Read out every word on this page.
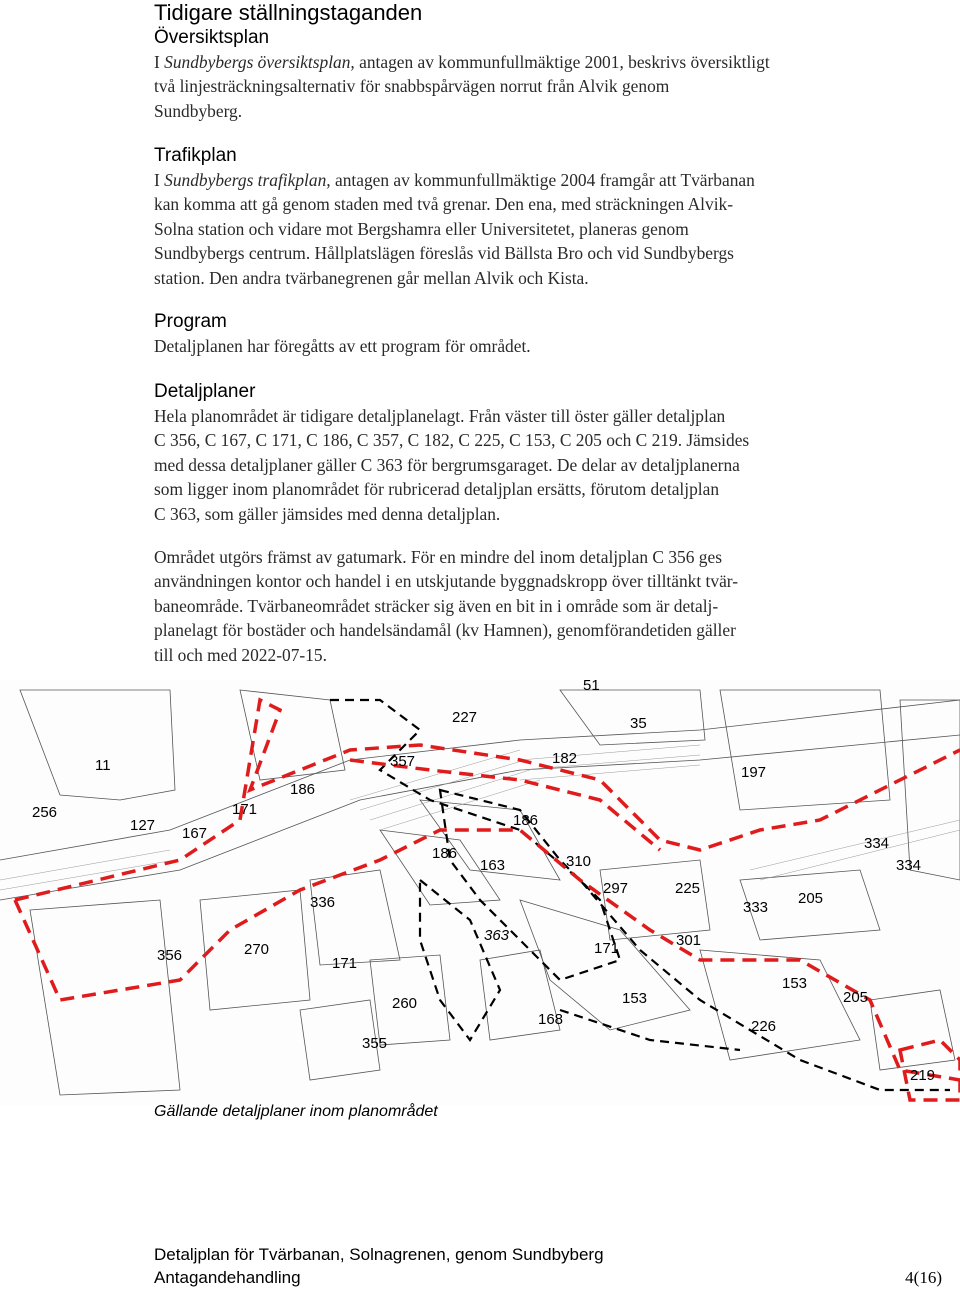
Tidigare ställningstaganden
Översiktsplan
I Sundbybergs översiktsplan, antagen av kommunfullmäktige 2001, beskrivs översiktligt
två linjesträckningsalternativ för snabbspårvägen norrut från Alvik genom
Sundbyberg.
Trafikplan
I Sundbybergs trafikplan, antagen av kommunfullmäktige 2004 framgår att Tvärbanan
kan komma att gå genom staden med två grenar. Den ena, med sträckningen Alvik-
Solna station och vidare mot Bergshamra eller Universitetet, planeras genom
Sundbybergs centrum. Hållplatslägen föreslås vid Bällsta Bro och vid Sundbybergs
station. Den andra tvärbanegrenen går mellan Alvik och Kista.
Program
Detaljplanen har föregåtts av ett program för området.
Detaljplaner
Hela planområdet är tidigare detaljplanelagt. Från väster till öster gäller detaljplan
C 356, C 167, C 171, C 186, C 357, C 182, C 225, C 153, C 205 och C 219. Jämsides
med dessa detaljplaner gäller C 363 för bergrumsgaraget. De delar av detaljplanerna
som ligger inom planområdet för rubricerad detaljplan ersätts, förutom detaljplan
C 363, som gäller jämsides med denna detaljplan.
Området utgörs främst av gatumark. För en mindre del inom detaljplan C 356 ges
användningen kontor och handel i en utskjutande byggnadskropp över tilltänkt tvär-
baneområde. Tvärbaneområdet sträcker sig även en bit in i område som är detalj-
planelagt för bostäder och handelsändamål (kv Hamnen), genomförandetiden gäller
till och med 2022-07-15.
51
227	35
182
357
197
11
186
256
127
171
167
186
334
163	310	334
186
297	225
205
336	333
363	301
356	270
171
171
153
205
260	153
168	226
355
219
Gällande detaljplaner inom planområdet
Detaljplan för Tvärbanan, Solnagrenen, genom Sundbyberg
Antagandehandling	4(16)
